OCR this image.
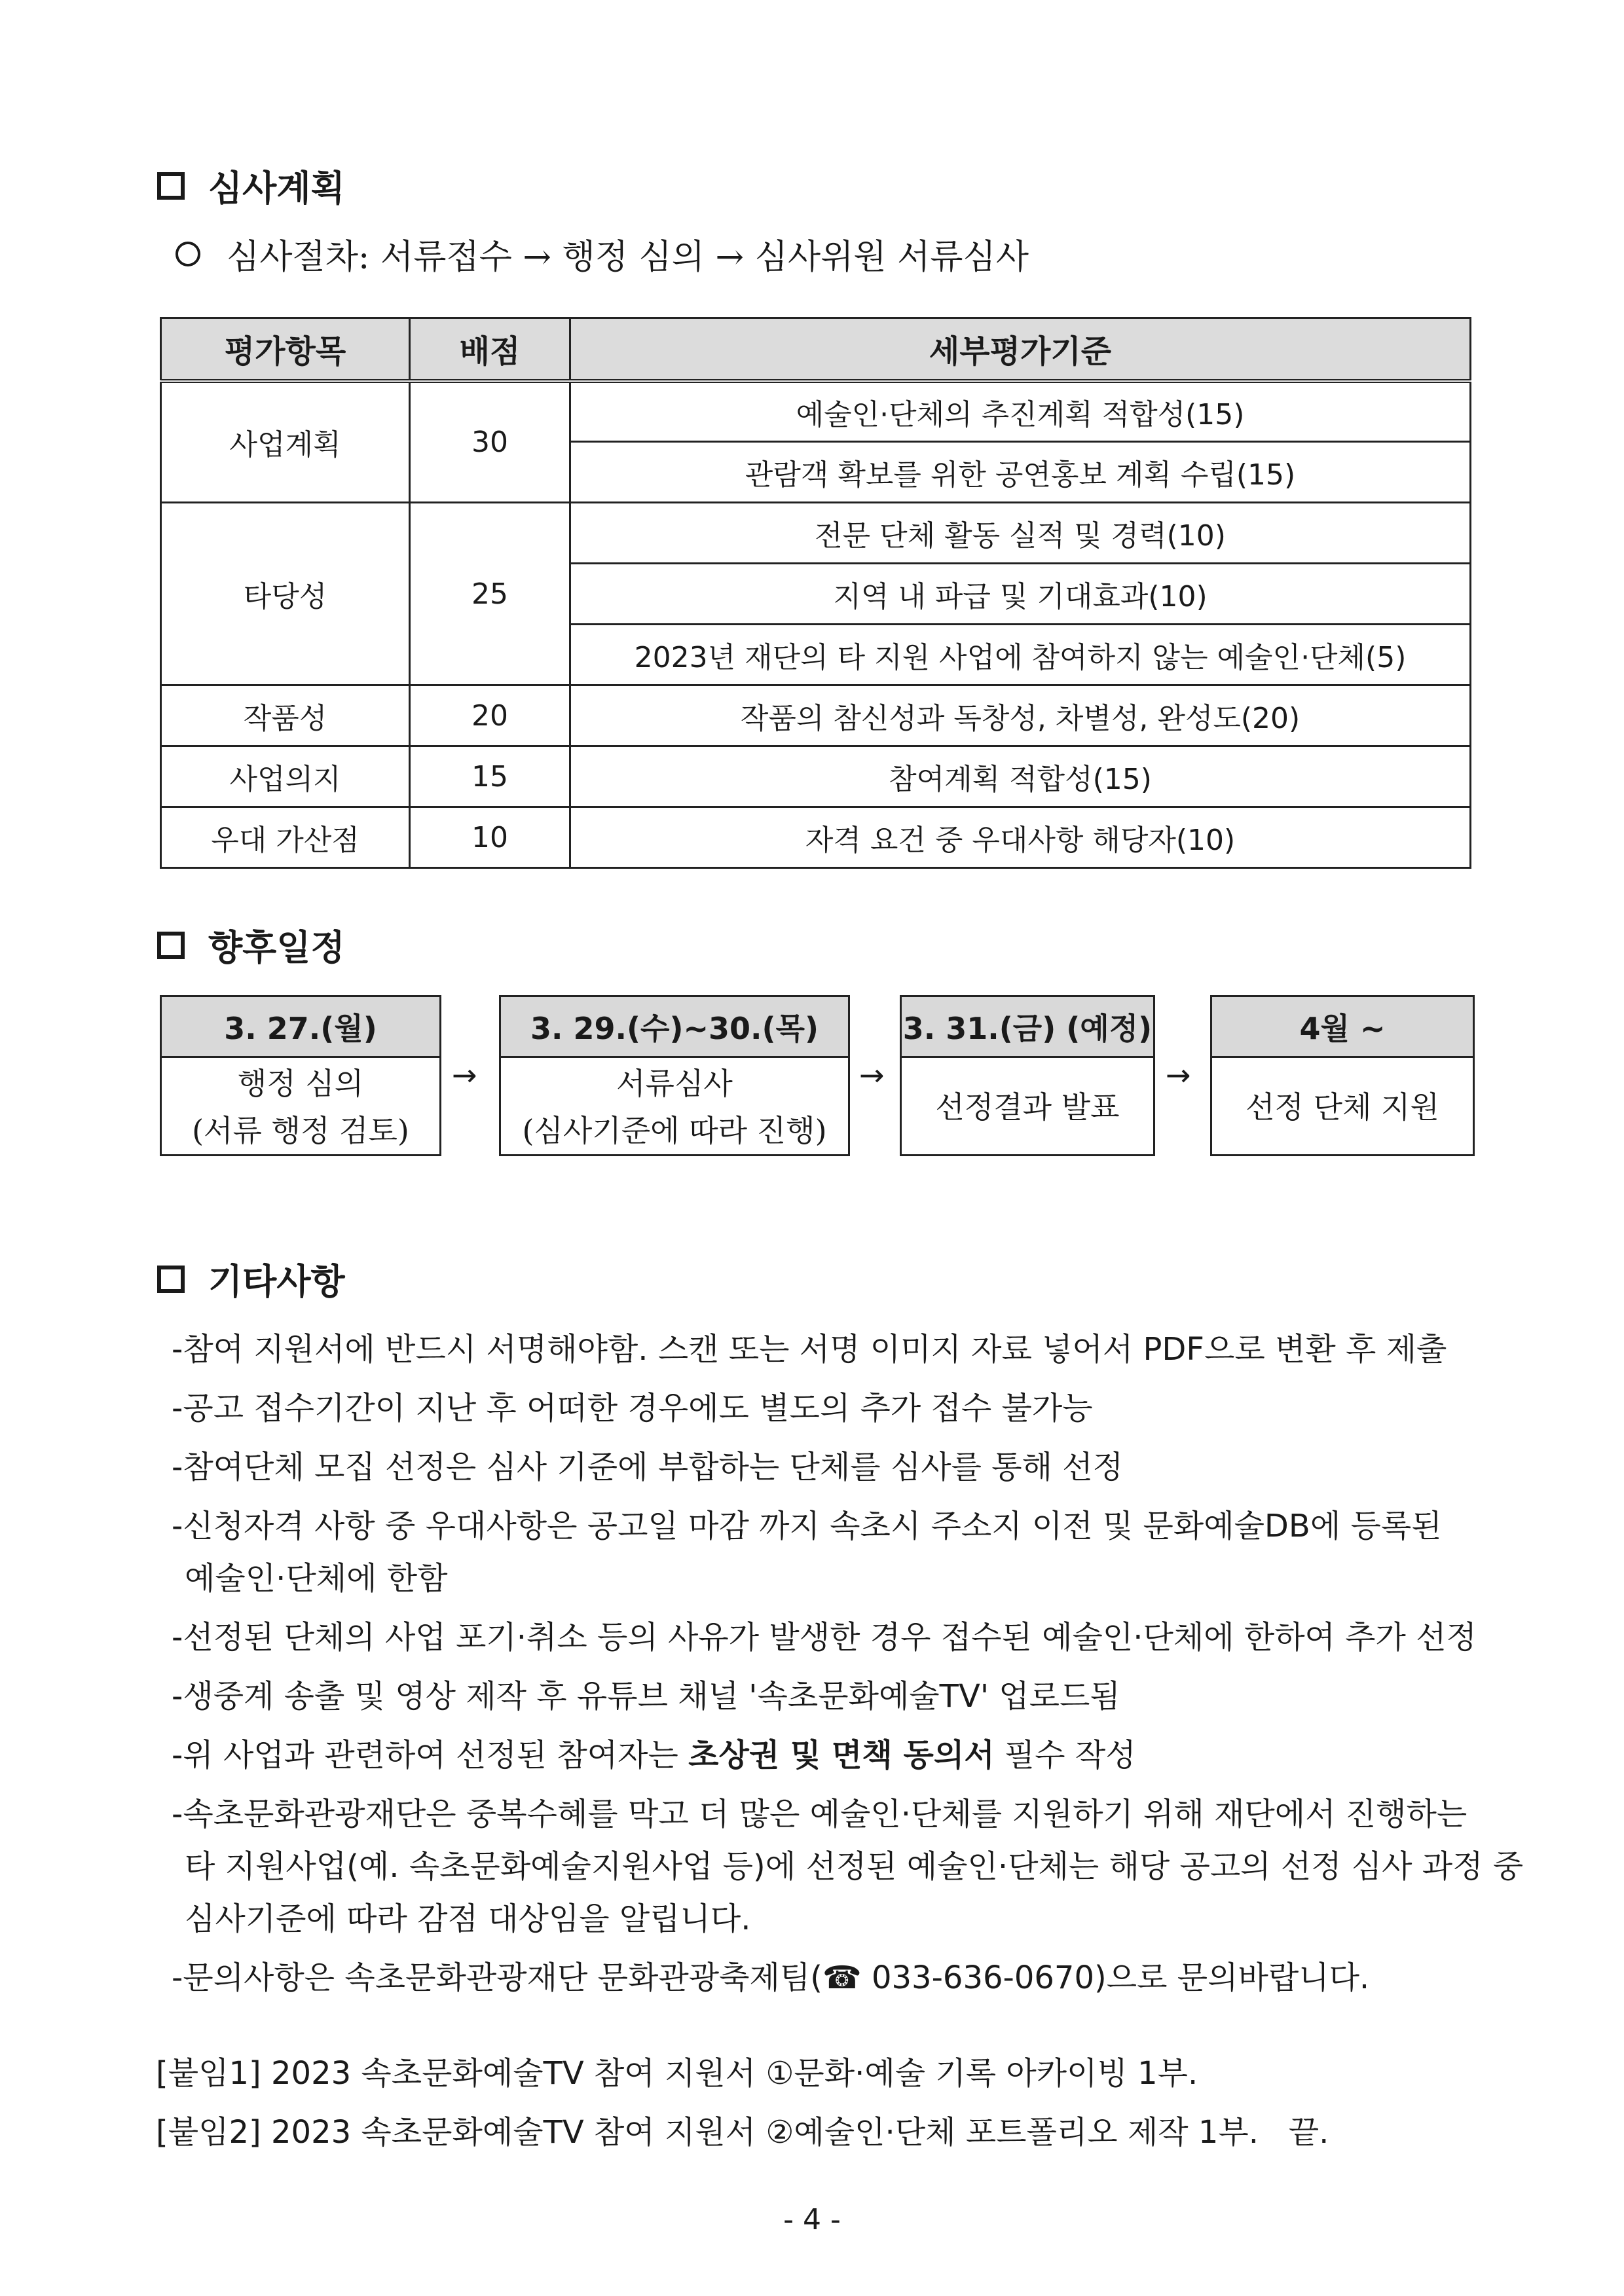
심사계획
심사절차: 서류접수 → 행정 심의 → 심사위원 서류심사
평가항목	배점	세부평가기준
사업계획	30	예술인·단체의 추진계획 적합성(15)
		관람객 확보를 위한 공연홍보 계획 수립(15)
타당성	25	전문 단체 활동 실적 및 경력(10)
		지역 내 파급 및 기대효과(10)
		2023년 재단의 타 지원 사업에 참여하지 않는 예술인·단체(5)
작품성	20	작품의 참신성과 독창성, 차별성, 완성도(20)
사업의지	15	참여계획 적합성(15)
우대 가산점	10	자격 요건 중 우대사항 해당자(10)
향후일정
3. 27.(월)
행정 심의
(서류 행정 검토)
→
3. 29.(수)~30.(목)
서류심사
(심사기준에 따라 진행)
→
3. 31.(금) (예정)
선정결과 발표
→
4월 ~
선정 단체 지원
기타사항
-참여 지원서에 반드시 서명해야함. 스캔 또는 서명 이미지 자료 넣어서 PDF으로 변환 후 제출
-공고 접수기간이 지난 후 어떠한 경우에도 별도의 추가 접수 불가능
-참여단체 모집 선정은 심사 기준에 부합하는 단체를 심사를 통해 선정
-신청자격 사항 중 우대사항은 공고일 마감 까지 속초시 주소지 이전 및 문화예술DB에 등록된
예술인·단체에 한함
-선정된 단체의 사업 포기·취소 등의 사유가 발생한 경우 접수된 예술인·단체에 한하여 추가 선정
-생중계 송출 및 영상 제작 후 유튜브 채널 '속초문화예술TV' 업로드됨
-위 사업과 관련하여 선정된 참여자는 초상권 및 면책 동의서 필수 작성
-속초문화관광재단은 중복수혜를 막고 더 많은 예술인·단체를 지원하기 위해 재단에서 진행하는
타 지원사업(예. 속초문화예술지원사업 등)에 선정된 예술인·단체는 해당 공고의 선정 심사 과정 중
심사기준에 따라 감점 대상임을 알립니다.
-문의사항은 속초문화관광재단 문화관광축제팀(☎ 033-636-0670)으로 문의바랍니다.
[붙임1] 2023 속초문화예술TV 참여 지원서 ①문화·예술 기록 아카이빙 1부.
[붙임2] 2023 속초문화예술TV 참여 지원서 ②예술인·단체 포트폴리오 제작 1부.   끝.
- 4 -
